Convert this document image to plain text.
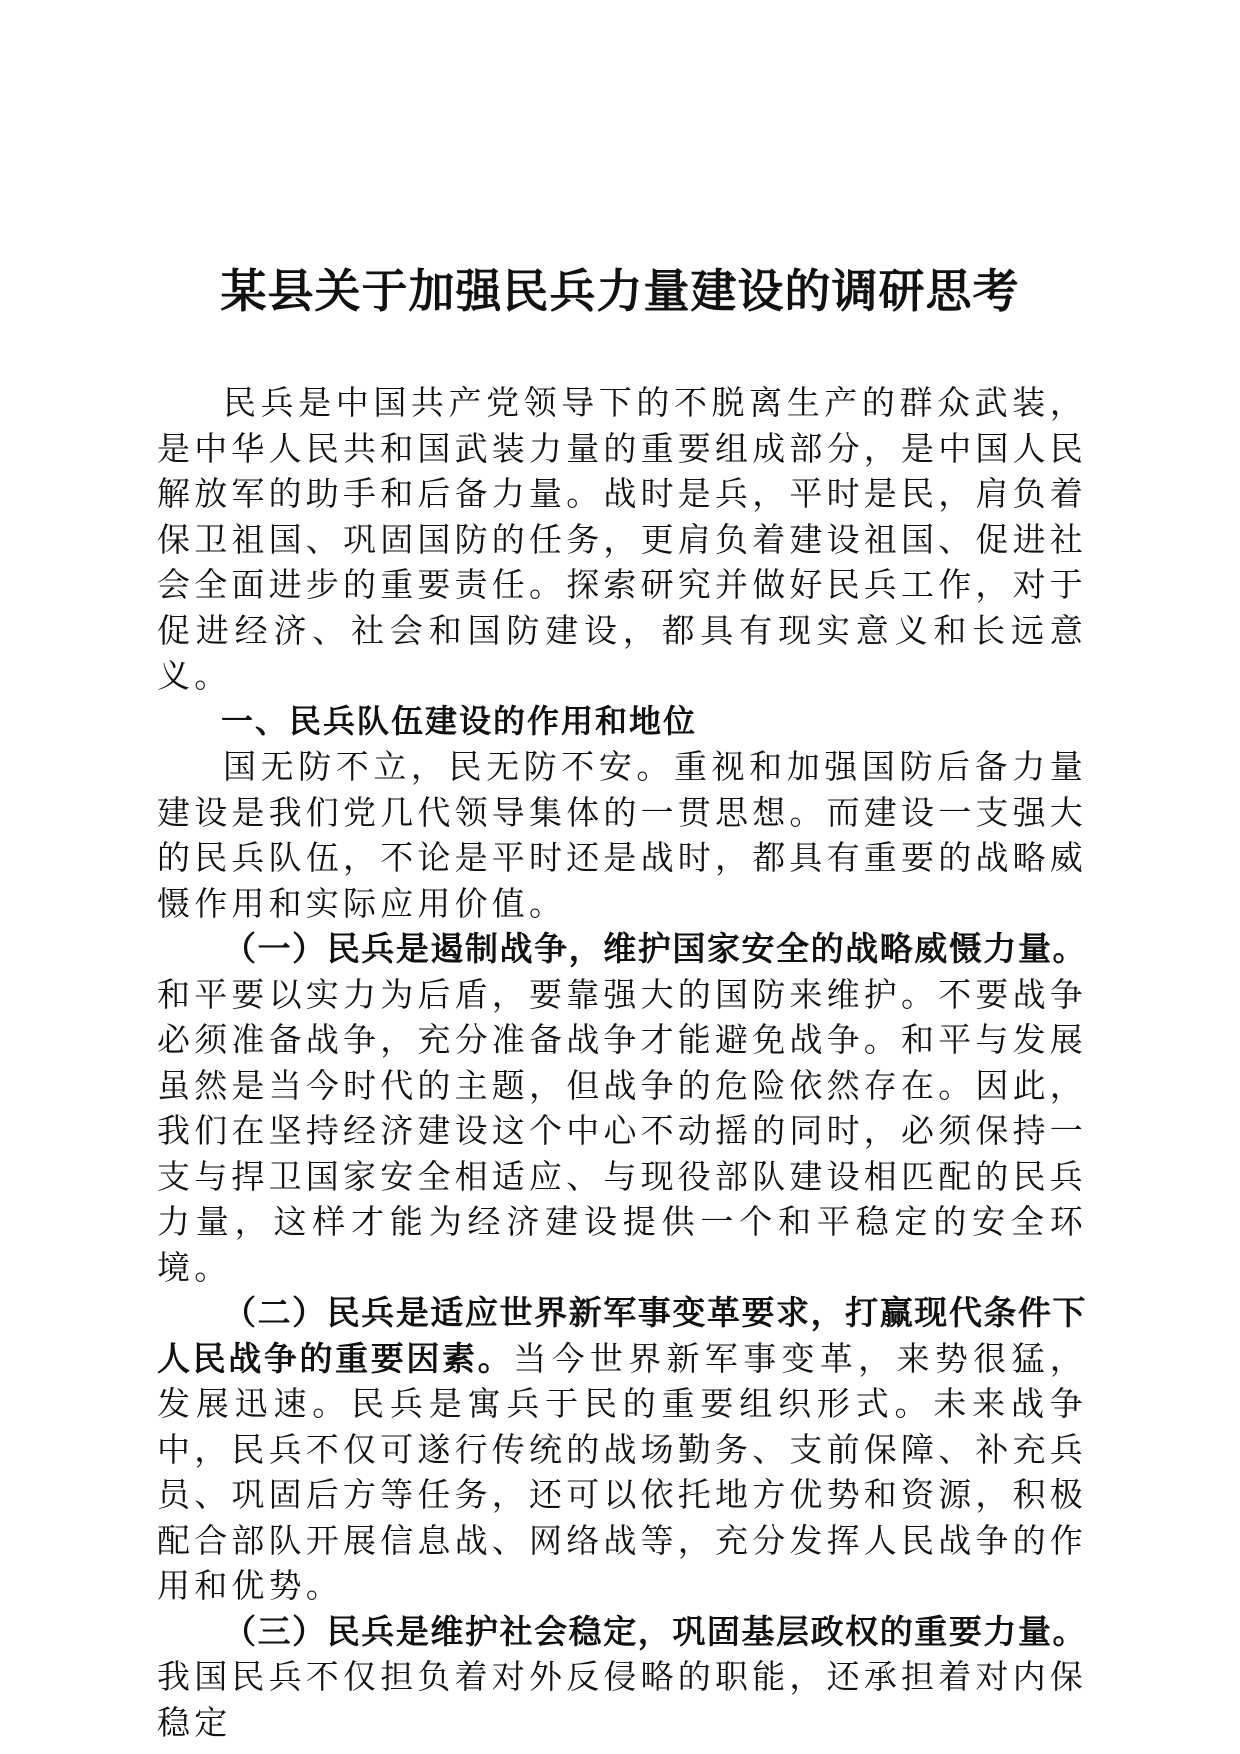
某县关于加强民兵力量建设的调研思考

民兵是中国共产党领导下的不脱离生产的群众武装，是中华人民共和国武装力量的重要组成部分，是中国人民解放军的助手和后备力量。战时是兵，平时是民，肩负着保卫祖国、巩固国防的任务，更肩负着建设祖国、促进社会全面进步的重要责任。探索研究并做好民兵工作，对于促进经济、社会和国防建设，都具有现实意义和长远意义。

一、民兵队伍建设的作用和地位

国无防不立，民无防不安。重视和加强国防后备力量建设是我们党几代领导集体的一贯思想。而建设一支强大的民兵队伍，不论是平时还是战时，都具有重要的战略威慑作用和实际应用价值。

（一）民兵是遏制战争，维护国家安全的战略威慑力量。和平要以实力为后盾，要靠强大的国防来维护。不要战争必须准备战争，充分准备战争才能避免战争。和平与发展虽然是当今时代的主题，但战争的危险依然存在。因此，我们在坚持经济建设这个中心不动摇的同时，必须保持一支与捍卫国家安全相适应、与现役部队建设相匹配的民兵力量，这样才能为经济建设提供一个和平稳定的安全环境。

（二）民兵是适应世界新军事变革要求，打赢现代条件下人民战争的重要因素。当今世界新军事变革，来势很猛，发展迅速。民兵是寓兵于民的重要组织形式。未来战争中，民兵不仅可遂行传统的战场勤务、支前保障、补充兵员、巩固后方等任务，还可以依托地方优势和资源，积极配合部队开展信息战、网络战等，充分发挥人民战争的作用和优势。

（三）民兵是维护社会稳定，巩固基层政权的重要力量。我国民兵不仅担负着对外反侵略的职能，还承担着对内保稳定
